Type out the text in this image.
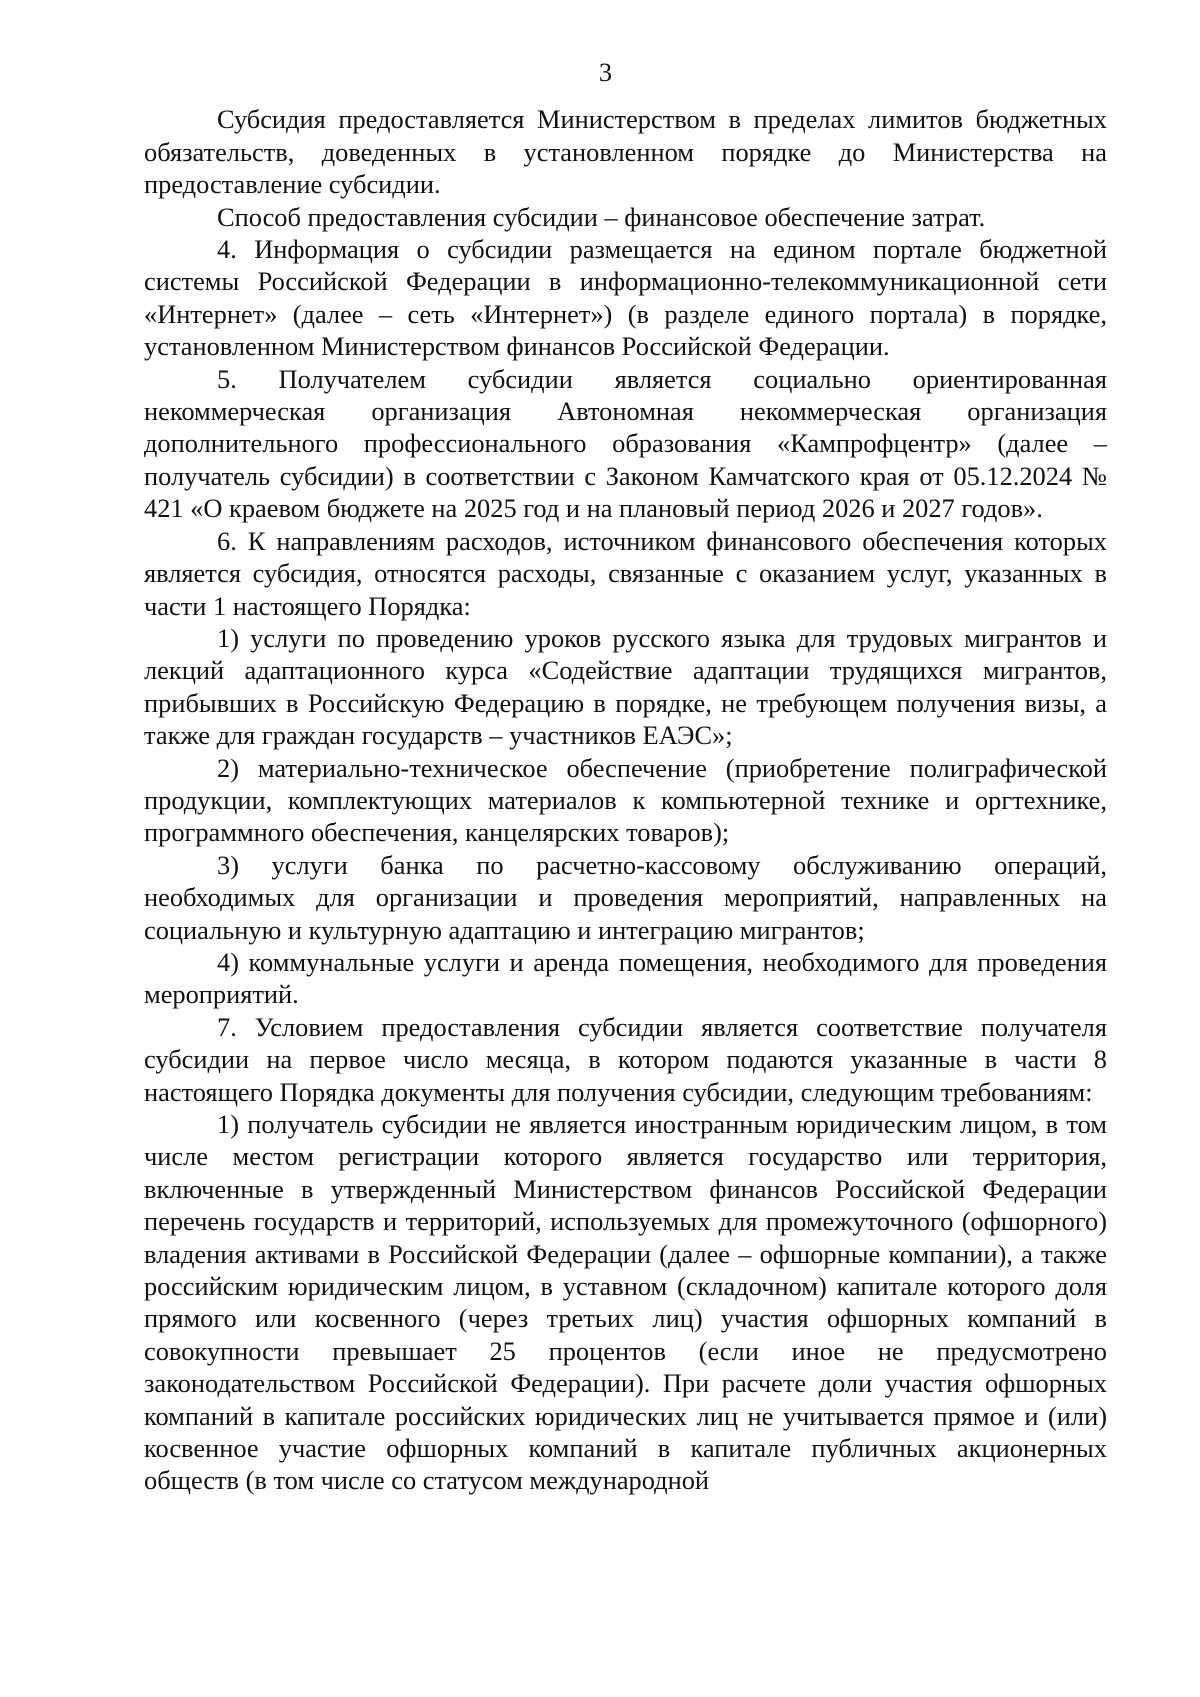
3

Субсидия предоставляется Министерством в пределах лимитов бюджетных обязательств, доведенных в установленном порядке до Министерства на предоставление субсидии.

Способ предоставления субсидии – финансовое обеспечение затрат.

4. Информация о субсидии размещается на едином портале бюджетной системы Российской Федерации в информационно-телекоммуникационной сети «Интернет» (далее – сеть «Интернет») (в разделе единого портала) в порядке, установленном Министерством финансов Российской Федерации.

5. Получателем субсидии является социально ориентированная некоммерческая организация Автономная некоммерческая организация дополнительного профессионального образования «Кампрофцентр» (далее – получатель субсидии) в соответствии с Законом Камчатского края от 05.12.2024 № 421 «О краевом бюджете на 2025 год и на плановый период 2026 и 2027 годов».

6. К направлениям расходов, источником финансового обеспечения которых является субсидия, относятся расходы, связанные с оказанием услуг, указанных в части 1 настоящего Порядка:

1) услуги по проведению уроков русского языка для трудовых мигрантов и лекций адаптационного курса «Содействие адаптации трудящихся мигрантов, прибывших в Российскую Федерацию в порядке, не требующем получения визы, а также для граждан государств – участников ЕАЭС»;

2) материально-техническое обеспечение (приобретение полиграфической продукции, комплектующих материалов к компьютерной технике и оргтехнике, программного обеспечения, канцелярских товаров);

3) услуги банка по расчетно-кассовому обслуживанию операций, необходимых для организации и проведения мероприятий, направленных на социальную и культурную адаптацию и интеграцию мигрантов;

4) коммунальные услуги и аренда помещения, необходимого для проведения мероприятий.

7. Условием предоставления субсидии является соответствие получателя субсидии на первое число месяца, в котором подаются указанные в части 8 настоящего Порядка документы для получения субсидии, следующим требованиям:

1) получатель субсидии не является иностранным юридическим лицом, в том числе местом регистрации которого является государство или территория, включенные в утвержденный Министерством финансов Российской Федерации перечень государств и территорий, используемых для промежуточного (офшорного) владения активами в Российской Федерации (далее – офшорные компании), а также российским юридическим лицом, в уставном (складочном) капитале которого доля прямого или косвенного (через третьих лиц) участия офшорных компаний в совокупности превышает 25 процентов (если иное не предусмотрено законодательством Российской Федерации). При расчете доли участия офшорных компаний в капитале российских юридических лиц не учитывается прямое и (или) косвенное участие офшорных компаний в капитале публичных акционерных обществ (в том числе со статусом международной
